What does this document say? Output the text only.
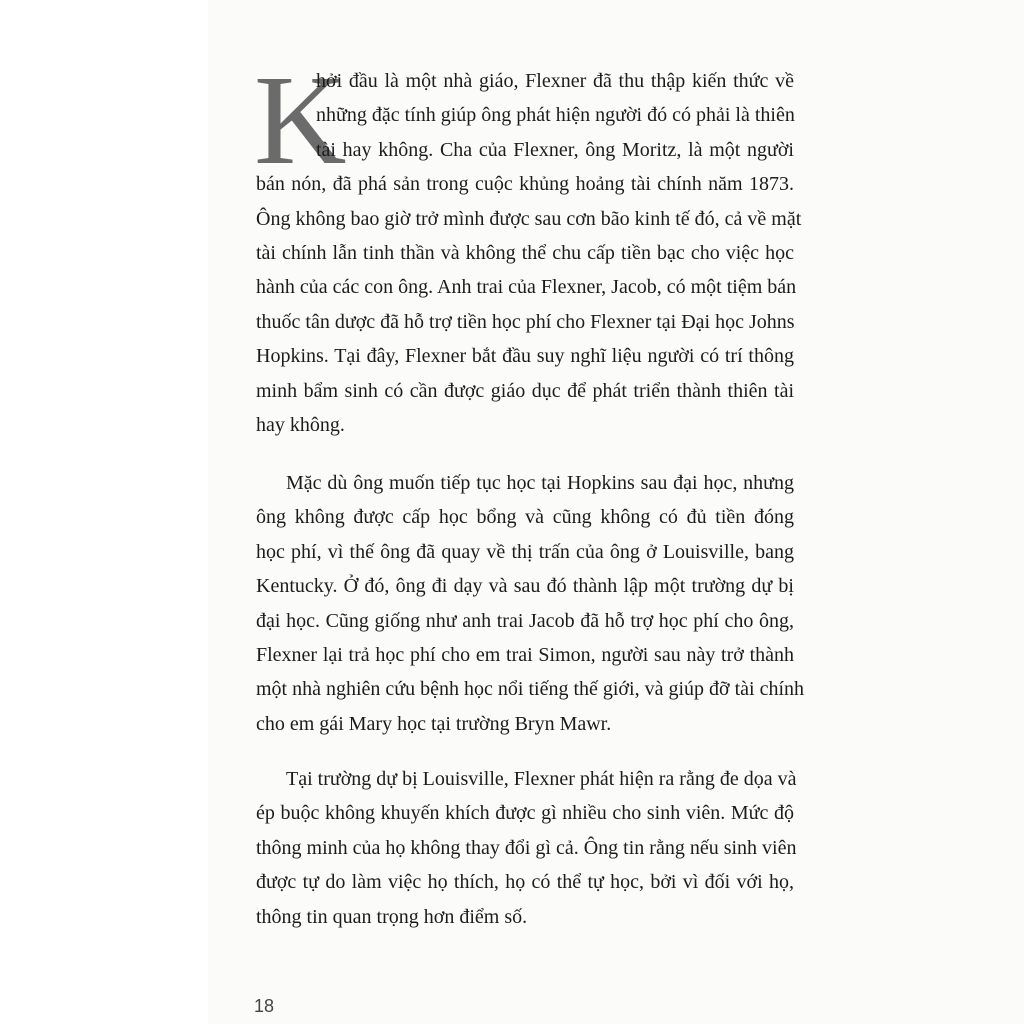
K
hởi đầu là một nhà giáo, Flexner đã thu thập kiến thức về
những đặc tính giúp ông phát hiện người đó có phải là thiên
tài hay không. Cha của Flexner, ông Moritz, là một người
bán nón, đã phá sản trong cuộc khủng hoảng tài chính năm 1873.
Ông không bao giờ trở mình được sau cơn bão kinh tế đó, cả về mặt
tài chính lẫn tinh thần và không thể chu cấp tiền bạc cho việc học
hành của các con ông. Anh trai của Flexner, Jacob, có một tiệm bán
thuốc tân dược đã hỗ trợ tiền học phí cho Flexner tại Đại học Johns
Hopkins. Tại đây, Flexner bắt đầu suy nghĩ liệu người có trí thông
minh bẩm sinh có cần được giáo dục để phát triển thành thiên tài
hay không.
Mặc dù ông muốn tiếp tục học tại Hopkins sau đại học, nhưng
ông không được cấp học bổng và cũng không có đủ tiền đóng
học phí, vì thế ông đã quay về thị trấn của ông ở Louisville, bang
Kentucky. Ở đó, ông đi dạy và sau đó thành lập một trường dự bị
đại học. Cũng giống như anh trai Jacob đã hỗ trợ học phí cho ông,
Flexner lại trả học phí cho em trai Simon, người sau này trở thành
một nhà nghiên cứu bệnh học nổi tiếng thế giới, và giúp đỡ tài chính
cho em gái Mary học tại trường Bryn Mawr.
Tại trường dự bị Louisville, Flexner phát hiện ra rằng đe dọa và
ép buộc không khuyến khích được gì nhiều cho sinh viên. Mức độ
thông minh của họ không thay đổi gì cả. Ông tin rằng nếu sinh viên
được tự do làm việc họ thích, họ có thể tự học, bởi vì đối với họ,
thông tin quan trọng hơn điểm số.
18
